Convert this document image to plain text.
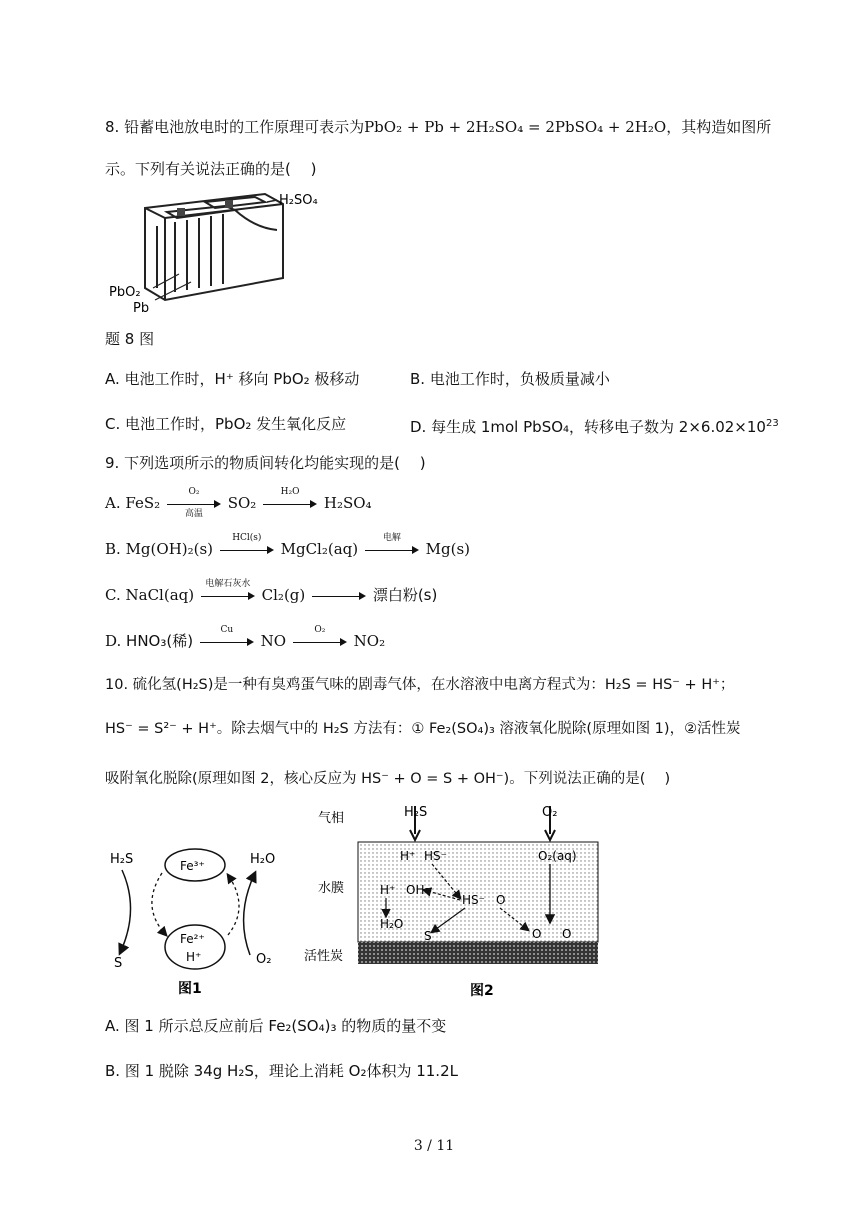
8. 铅蓄电池放电时的工作原理可表示为PbO₂ + Pb + 2H₂SO₄ = 2PbSO₄ + 2H₂O，其构造如图所
示。下列有关说法正确的是(　 )
H₂SO₄
PbO₂
Pb
题 8 图
A. 电池工作时，H⁺ 移向 PbO₂ 极移动	B. 电池工作时，负极质量减小
C. 电池工作时，PbO₂ 发生氧化反应	D. 每生成 1mol PbSO₄，转移电子数为 $2\times 6.02\times 10^{23}$
9. 下列选项所示的物质间转化均能实现的是(　 )
A. FeS₂
O₂
高温
SO₂
H₂O
H₂SO₄
B. Mg(OH)₂(s)
HCl(s)
MgCl₂(aq)
电解
Mg(s)
C. NaCl(aq)
电解石灰水
Cl₂(g)	漂白粉(s)
D. HNO₃(稀)
Cu
NO
O₂
NO₂
10. 硫化氢(H₂S)是一种有臭鸡蛋气味的剧毒气体，在水溶液中电离方程式为：H₂S = HS⁻ + H⁺；
HS⁻ = S²⁻ + H⁺。除去烟气中的 H₂S 方法有：① Fe₂(SO₄)₃ 溶液氧化脱除(原理如图 1)，②活性炭
吸附氧化脱除(原理如图 2，核心反应为 HS⁻ + O = S + OH⁻)。下列说法正确的是(　 )
H₂S	Fe³⁺	H₂O
Fe²⁺
H⁺
S	O₂
图1
气相
水膜
活性炭
H₂S	O₂
H⁺ HS⁻	O₂(aq)
H⁺ OH⁻
HS⁻ O
H₂O
S	O O
图2
A. 图 1 所示总反应前后 Fe₂(SO₄)₃ 的物质的量不变
B. 图 1 脱除 34g H₂S，理论上消耗 O₂体积为 11.2L
3 / 11
